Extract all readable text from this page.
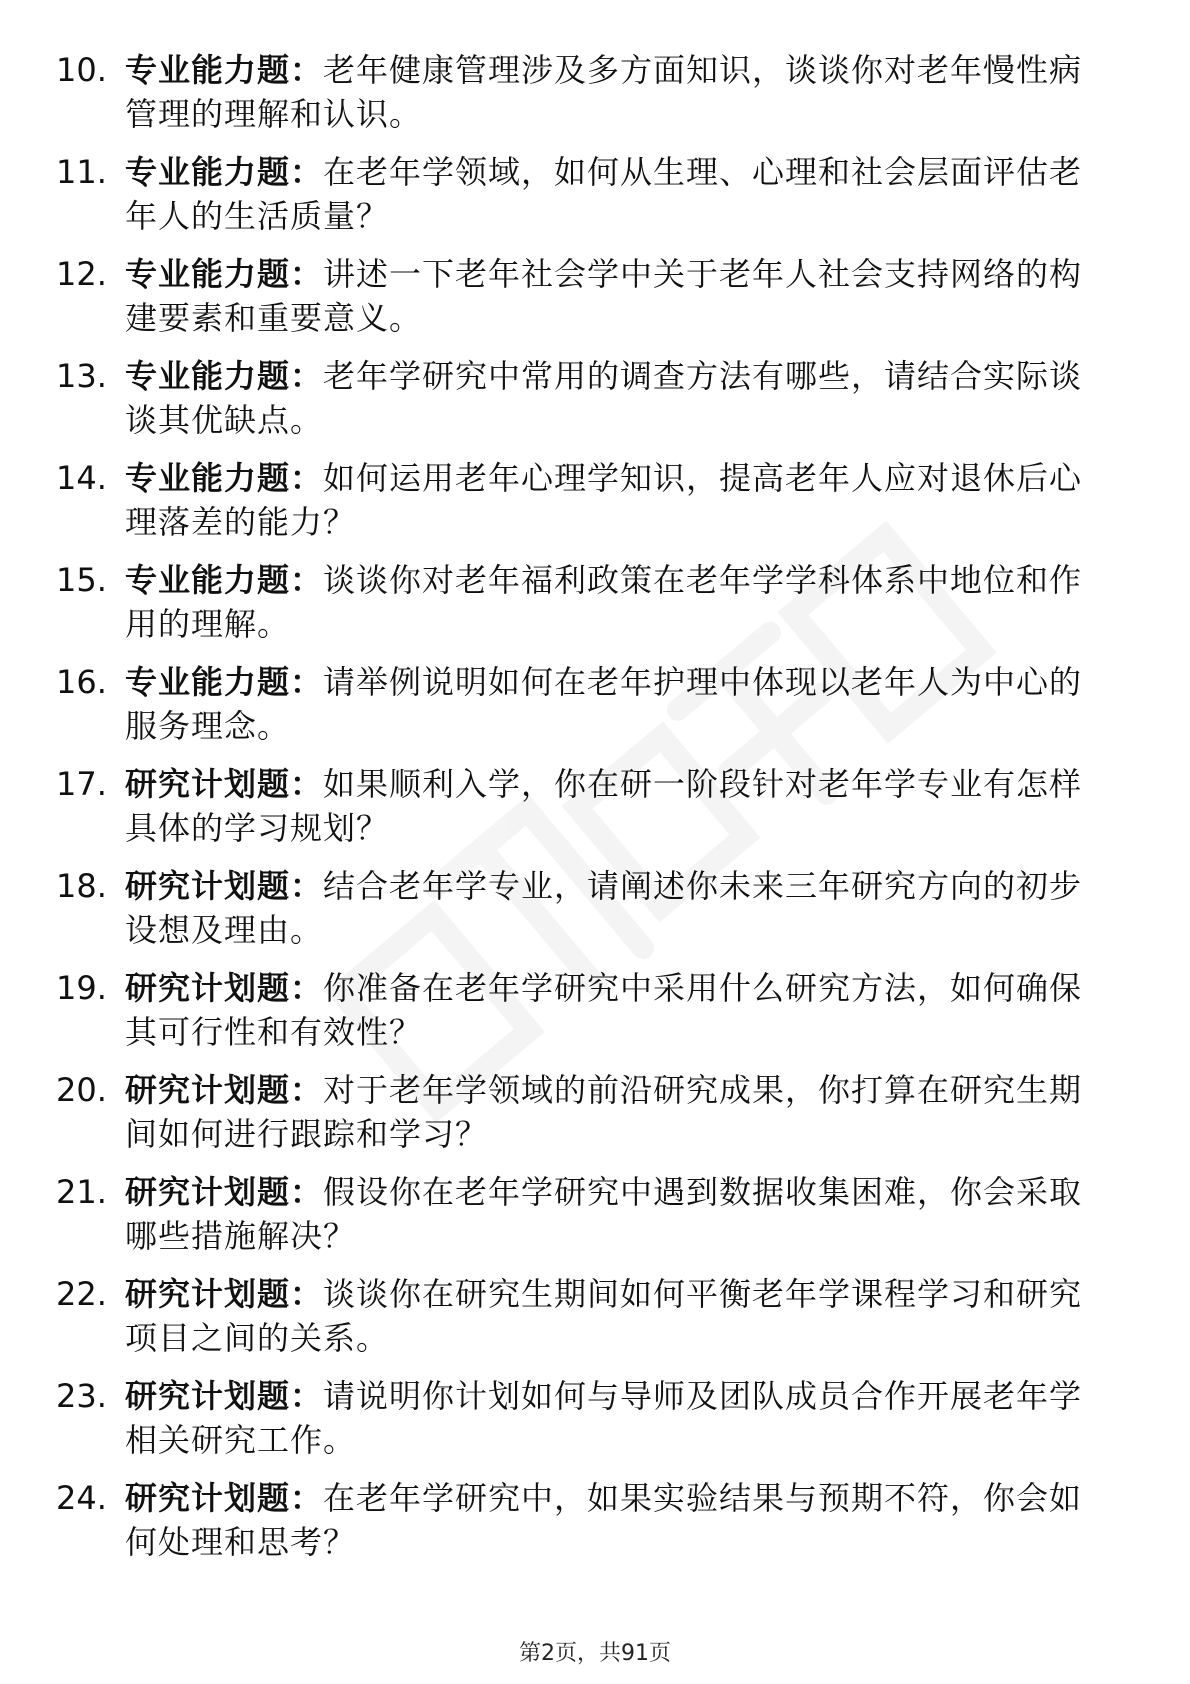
10. 专业能力题：老年健康管理涉及多方面知识，谈谈你对老年慢性病管理的理解和认识。
11. 专业能力题：在老年学领域，如何从生理、心理和社会层面评估老年人的生活质量？
12. 专业能力题：讲述一下老年社会学中关于老年人社会支持网络的构建要素和重要意义。
13. 专业能力题：老年学研究中常用的调查方法有哪些，请结合实际谈谈其优缺点。
14. 专业能力题：如何运用老年心理学知识，提高老年人应对退休后心理落差的能力？
15. 专业能力题：谈谈你对老年福利政策在老年学学科体系中地位和作用的理解。
16. 专业能力题：请举例说明如何在老年护理中体现以老年人为中心的服务理念。
17. 研究计划题：如果顺利入学，你在研一阶段针对老年学专业有怎样具体的学习规划？
18. 研究计划题：结合老年学专业，请阐述你未来三年研究方向的初步设想及理由。
19. 研究计划题：你准备在老年学研究中采用什么研究方法，如何确保其可行性和有效性？
20. 研究计划题：对于老年学领域的前沿研究成果，你打算在研究生期间如何进行跟踪和学习？
21. 研究计划题：假设你在老年学研究中遇到数据收集困难，你会采取哪些措施解决？
22. 研究计划题：谈谈你在研究生期间如何平衡老年学课程学习和研究项目之间的关系。
23. 研究计划题：请说明你计划如何与导师及团队成员合作开展老年学相关研究工作。
24. 研究计划题：在老年学研究中，如果实验结果与预期不符，你会如何处理和思考？
第2页，共91页
